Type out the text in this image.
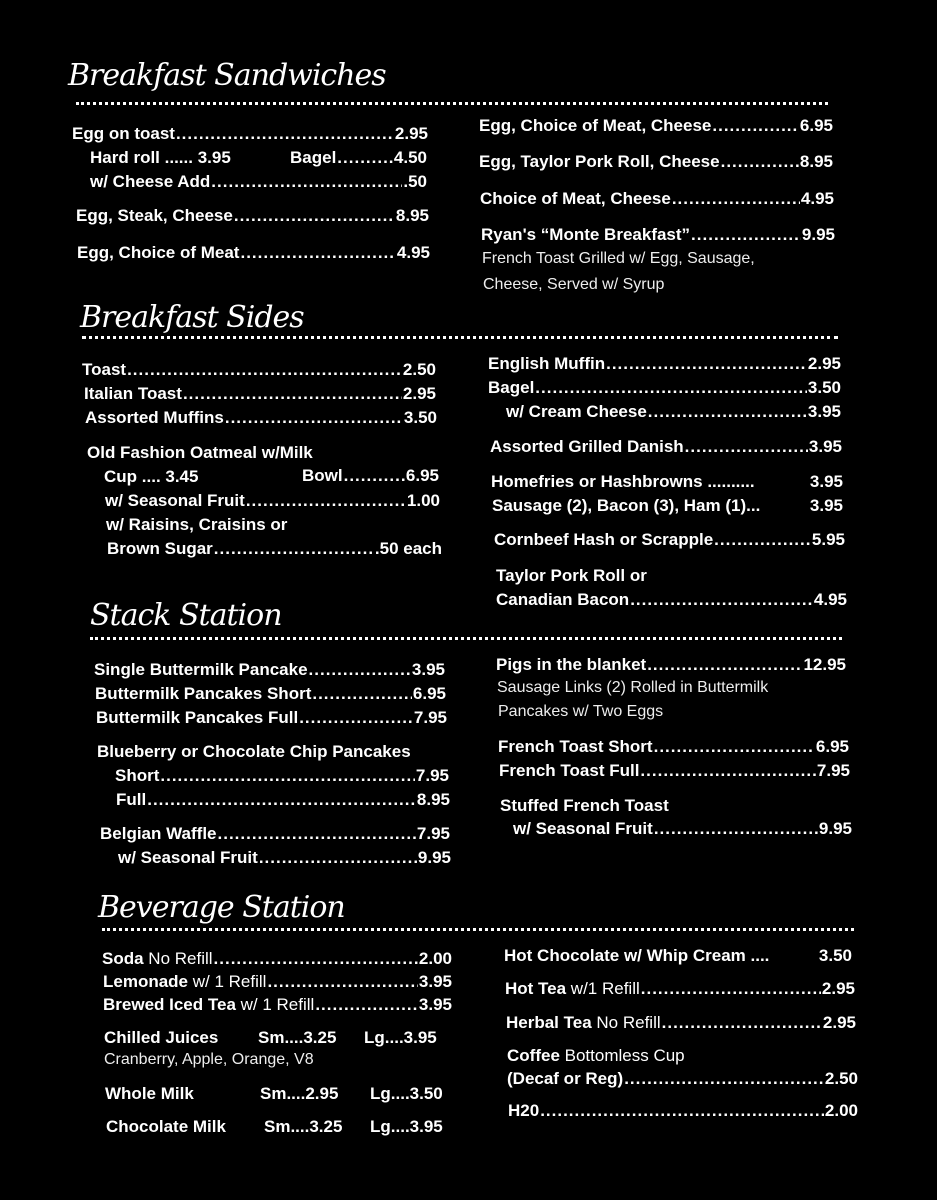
Breakfast Sandwiches
Egg on toast .....	2.95
Hard roll ...... 3.95	Bagel .....	4.50
w/ Cheese Add .....	.50
Egg, Steak, Cheese .....	8.95
Egg, Choice of Meat .....	4.95
Egg, Choice of Meat, Cheese .....	6.95
Egg, Taylor Pork Roll, Cheese .....	8.95
Choice of Meat, Cheese .....	4.95
Ryan's “Monte Breakfast” .....	9.95
French Toast Grilled w/ Egg, Sausage,
Cheese, Served w/ Syrup
Breakfast Sides
Toast .....	2.50
Italian Toast .....	2.95
Assorted Muffins .....	3.50
Old Fashion Oatmeal w/Milk
Cup .... 3.45	Bowl .....	6.95
w/ Seasonal Fruit .....	1.00
w/ Raisins, Craisins or
Brown Sugar .....	.50 each
English Muffin .....	2.95
Bagel .....	3.50
w/ Cream Cheese .....	3.95
Assorted Grilled Danish .....	3.95
Homefries or Hashbrowns ..........	3.95
Sausage (2), Bacon (3), Ham (1)...	3.95
Cornbeef Hash or Scrapple .....	5.95
Taylor Pork Roll or
Canadian Bacon .....	4.95
Stack Station
Single Buttermilk Pancake .....	3.95
Buttermilk Pancakes Short .....	6.95
Buttermilk Pancakes Full .....	7.95
Blueberry or Chocolate Chip Pancakes
Short .....	7.95
Full .....	8.95
Belgian Waffle .....	7.95
w/ Seasonal Fruit .....	9.95
Pigs in the blanket .....	12.95
Sausage Links (2) Rolled in Buttermilk
Pancakes w/ Two Eggs
French Toast Short .....	6.95
French Toast Full .....	7.95
Stuffed French Toast
w/ Seasonal Fruit .....	9.95
Beverage Station
Soda No Refill .....	2.00
Lemonade w/ 1 Refill .....	3.95
Brewed Iced Tea w/ 1 Refill .....	3.95
Chilled Juices Sm....3.25 Lg....3.95
Cranberry, Apple, Orange, V8
Whole Milk	Sm....2.95 Lg....3.50
Chocolate Milk Sm....3.25 Lg....3.95
Hot Chocolate w/ Whip Cream ....	3.50
Hot Tea w/1 Refill .....	2.95
Herbal Tea No Refill .....	2.95
Coffee Bottomless Cup
(Decaf or Reg) .....	2.50
H20 .....	2.00
